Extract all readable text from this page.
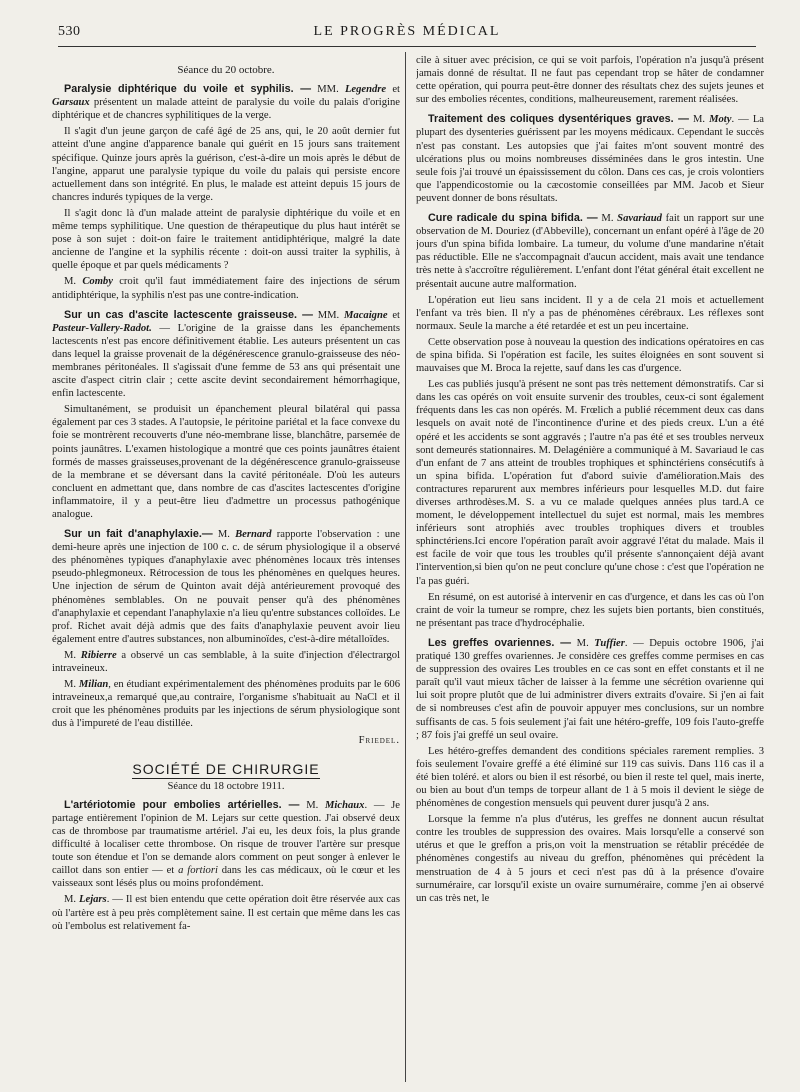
530	LE PROGRÈS MÉDICAL

Séance du 20 octobre.

Paralysie diphtérique du voile et syphilis. — MM. Legendre et Garsaux présentent un malade atteint de paralysie du voile du palais d'origine diphtérique et de chancres syphilitiques de la verge.

Il s'agit d'un jeune garçon de café âgé de 25 ans, qui, le 20 août dernier fut atteint d'une angine d'apparence banale qui guérit en 15 jours sans traitement spécifique. Quinze jours après la guérison, c'est-à-dire un mois après le début de l'angine, apparut une paralysie typique du voile du palais qui persiste encore actuellement dans son intégrité. En plus, le malade est atteint depuis 15 jours de chancres indurés typiques de la verge.

Il s'agit donc là d'un malade atteint de paralysie diphtérique du voile et en même temps syphilitique. Une question de thérapeutique du plus haut intérêt se pose à son sujet : doit-on faire le traitement antidiphtérique, malgré la date ancienne de l'angine et la syphilis récente : doit-on aussi traiter la syphilis, à quelle époque et par quels médicaments ?

M. Comby croit qu'il faut immédiatement faire des injections de sérum antidiphtérique, la syphilis n'est pas une contre-indication.

Sur un cas d'ascite lactescente graisseuse. — MM. Macaigne et Pasteur-Vallery-Radot. — L'origine de la graisse dans les épanchements lactescents n'est pas encore définitivement établie. Les auteurs présentent un cas dans lequel la graisse provenait de la dégénérescence granulo-graisseuse des néo-membranes péritonéales. Il s'agissait d'une femme de 53 ans qui présentait une ascite d'aspect citrin clair ; cette ascite devint secondairement hémorrhagique, enfin lactescente.

Simultanément, se produisit un épanchement pleural bilatéral qui passa également par ces 3 stades. A l'autopsie, le péritoine pariétal et la face convexe du foie se montrèrent recouverts d'une néo-membrane lisse, blanchâtre, parsemée de points jaunâtres. L'examen histologique a montré que ces points jaunâtres étaient formés de masses graisseuses,provenant de la dégénérescence granulo-graisseuse de la membrane et se déversant dans la cavité péritonéale. D'où les auteurs concluent en admettant que, dans nombre de cas d'ascites lactescentes d'origine inflammatoire, il y a peut-être lieu d'admettre un processus pathogénique analogue.

Sur un fait d'anaphylaxie.— M. Bernard rapporte l'observation : une demi-heure après une injection de 100 c. c. de sérum physiologique il a observé des phénomènes typiques d'anaphylaxie avec phénomènes locaux très intenses pseudo-phlegmoneux. Rétrocession de tous les phénomènes en quelques heures. Une injection de sérum de Quinton avait déjà antérieurement provoqué des phénomènes semblables. On ne pouvait penser qu'à des phénomènes d'anaphylaxie et cependant l'anaphylaxie n'a lieu qu'entre substances colloïdes. Le prof. Richet avait déjà admis que des faits d'anaphylaxie peuvent avoir lieu également entre d'autres substances, non albuminoïdes, c'est-à-dire métalloïdes.

M. Ribierre a observé un cas semblable, à la suite d'injection d'électrargol intraveineux.

M. Milian, en étudiant expérimentalement des phénomènes produits par le 606 intraveineux,a remarqué que,au contraire, l'organisme s'habituait au NaCl et il croit que les phénomènes produits par les injections de sérum physiologique sont dus à l'impureté de l'eau distillée.

Friedel.

SOCIÉTÉ DE CHIRURGIE

Séance du 18 octobre 1911.

L'artériotomie pour embolies artérielles. — M. Michaux. — Je partage entièrement l'opinion de M. Lejars sur cette question. J'ai observé deux cas de thrombose par traumatisme artériel. J'ai eu, les deux fois, la plus grande difficulté à localiser cette thrombose. On risque de trouver l'artère sur presque toute son étendue et l'on se demande alors comment on peut songer à enlever le caillot dans son entier — et a fortiori dans les cas médicaux, où le cœur et les vaisseaux sont lésés plus ou moins profondément.

M. Lejars. — Il est bien entendu que cette opération doit être réservée aux cas où l'artère est à peu près complètement saine. Il est certain que même dans les cas où l'embolus est relativement fa-

cile à situer avec précision, ce qui se voit parfois, l'opération n'a jusqu'à présent jamais donné de résultat. Il ne faut pas cependant trop se hâter de condamner cette opération, qui pourra peut-être donner des résultats chez des sujets jeunes et sur des embolies récentes, conditions, malheureusement, rarement réalisées.

Traitement des coliques dysentériques graves. — M. Moty. — La plupart des dysenteries guérissent par les moyens médicaux. Cependant le succès n'est pas constant. Les autopsies que j'ai faites m'ont souvent montré des ulcérations plus ou moins nombreuses disséminées dans le gros intestin. Une seule fois j'ai trouvé un épaississement du côlon. Dans ces cas, je crois volontiers que l'appendicostomie ou la cæcostomie conseillées par MM. Jacob et Sieur peuvent donner de bons résultats.

Cure radicale du spina bifida. — M. Savariaud fait un rapport sur une observation de M. Douriez (d'Abbeville), concernant un enfant opéré à l'âge de 20 jours d'un spina bifida lombaire. La tumeur, du volume d'une mandarine n'était pas réductible. Elle ne s'accompagnait d'aucun accident, mais avait une tendance très nette à s'accroître régulièrement. L'enfant dont l'état général était excellent ne présentait aucune autre malformation.

L'opération eut lieu sans incident. Il y a de cela 21 mois et actuellement l'enfant va très bien. Il n'y a pas de phénomènes cérébraux. Les réflexes sont normaux. Seule la marche a été retardée et est un peu incertaine.

Cette observation pose à nouveau la question des indications opératoires en cas de spina bifida. Si l'opération est facile, les suites éloignées en sont souvent si mauvaises que M. Broca la rejette, sauf dans les cas d'urgence.

Les cas publiés jusqu'à présent ne sont pas très nettement démonstratifs. Car si dans les cas opérés on voit ensuite survenir des troubles, ceux-ci sont également fréquents dans les cas non opérés. M. Frœlich a publié récemment deux cas dans lesquels on avait noté de l'incontinence d'urine et des pieds creux. L'un a été opéré et les accidents se sont aggravés ; l'autre n'a pas été et ses troubles nerveux sont demeurés stationnaires. M. Delagénière a communiqué à M. Savariaud le cas d'un enfant de 7 ans atteint de troubles trophiques et sphinctériens consécutifs à un spina bifida. L'opération fut d'abord suivie d'amélioration.Mais des contractures reparurent aux membres inférieurs pour lesquelles M.D. dut faire diverses arthrodèses.M. S. a vu ce malade quelques années plus tard.A ce moment, le développement intellectuel du sujet est normal, mais les membres inférieurs sont atrophiés avec troubles trophiques divers et troubles sphinctériens.Ici encore l'opération paraît avoir aggravé l'état du malade. Mais il est facile de voir que tous les troubles qu'il présente s'annonçaient déjà avant l'intervention,si bien qu'on ne peut conclure qu'une chose : c'est que l'opération ne l'a pas guéri.

En résumé, on est autorisé à intervenir en cas d'urgence, et dans les cas où l'on craint de voir la tumeur se rompre, chez les sujets bien portants, bien constitués, ne présentant pas trace d'hydrocéphalie.

Les greffes ovariennes. — M. Tuffier. — Depuis octobre 1906, j'ai pratiqué 130 greffes ovariennes. Je considère ces greffes comme permises en cas de suppression des ovaires Les troubles en ce cas sont en effet constants et il ne paraît qu'il vaut mieux tâcher de laisser à la femme une sécrétion ovarienne qui lui soit propre plutôt que de lui administrer divers extraits d'ovaire. Si j'en ai fait de si nombreuses c'est afin de pouvoir appuyer mes conclusions, sur un nombre suffisants de cas. 5 fois seulement j'ai fait une hétéro-greffe, 109 fois l'auto-greffe ; 87 fois j'ai greffé un seul ovaire.

Les hétéro-greffes demandent des conditions spéciales rarement remplies. 3 fois seulement l'ovaire greffé a été éliminé sur 119 cas suivis. Dans 116 cas il a été bien toléré. et alors ou bien il est résorbé, ou bien il reste tel quel, mais inerte, ou bien au bout d'un temps de torpeur allant de 1 à 5 mois il devient le siège de phénomènes de congestion mensuels qui peuvent durer jusqu'à 2 ans.

Lorsque la femme n'a plus d'utérus, les greffes ne donnent aucun résultat contre les troubles de suppression des ovaires. Mais lorsqu'elle a conservé son utérus et que le greffon a pris,on voit la menstruation se rétablir précédée de phénomènes congestifs au niveau du greffon, phénomènes qui précèdent la menstruation de 4 à 5 jours et ceci n'est pas dû à la présence d'ovaire surnuméraire, car lorsqu'il existe un ovaire surnuméraire, comme j'en ai observé un cas très net, le
